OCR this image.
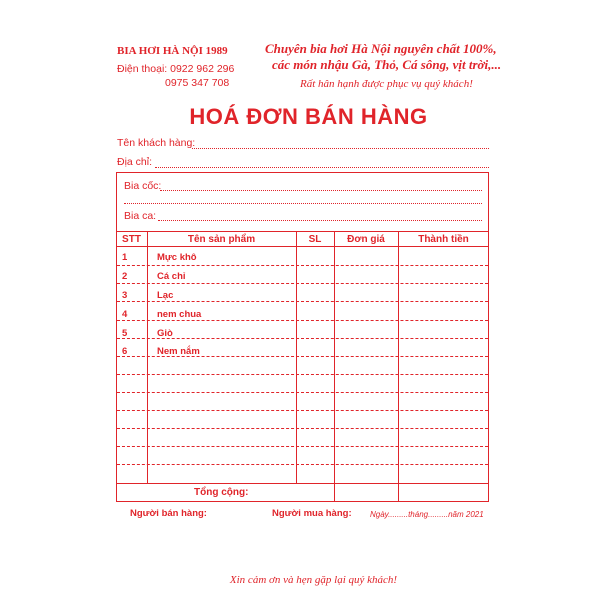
BIA HƠI HÀ NỘI 1989
Điện thoại: 0922 962 296
0975 347 708
Chuyên bia hơi Hà Nội nguyên chất 100%,
các món nhậu Gà, Thỏ, Cá sông, vịt trời,...
Rất hân hạnh được phục vụ quý khách!
HOÁ ĐƠN BÁN HÀNG
Tên khách hàng:
Địa chỉ:
Bia cốc:
Bia ca:
STT	Tên sản phẩm	SL	Đơn giá	Thành tiền
1	Mực khô
2	Cá chỉ
3	Lạc
4	nem chua
5	Giò
6	Nem nắm
Tổng cộng:
Người bán hàng:	Người mua hàng: Ngày.........tháng.........năm 2021
Xin cảm ơn và hẹn gặp lại quý khách!
